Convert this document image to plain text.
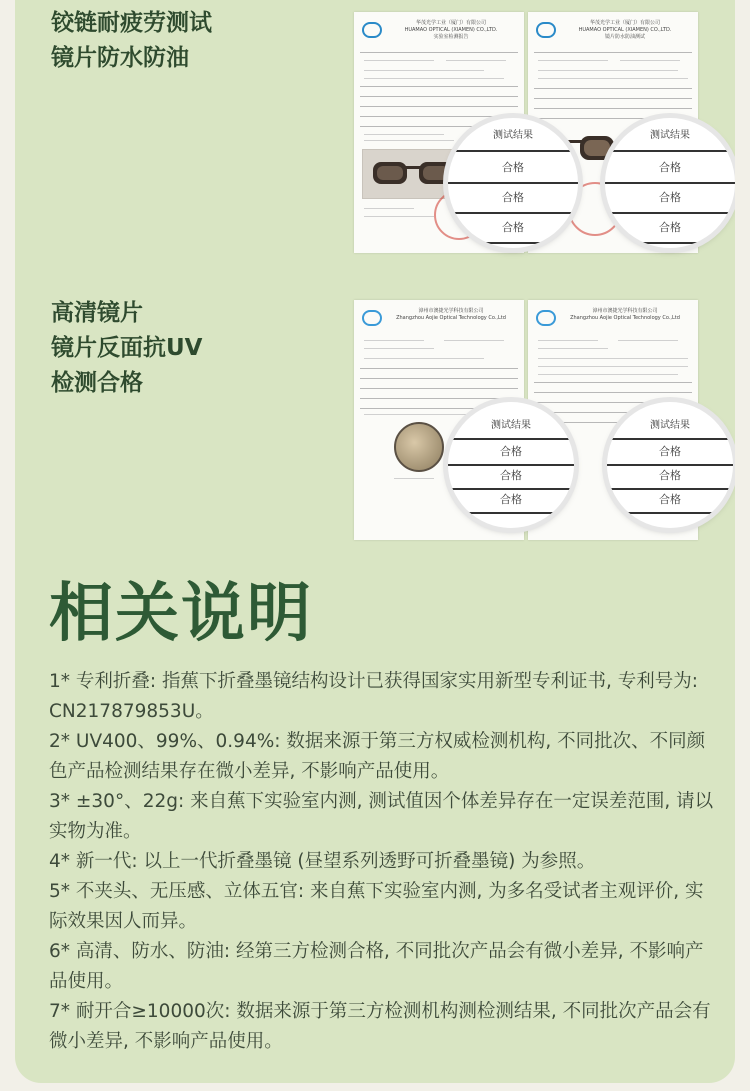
铰链耐疲劳测试
镜片防水防油
华茂光学工业（厦门）有限公司
HUAMAO OPTICAL (XIAMEN) CO.,LTD.
实验室检测报告
华茂光学工业（厦门）有限公司
HUAMAO OPTICAL (XIAMEN) CO.,LTD.
镜片防水防油测试
测试结果
合格
合格
合格
测试结果
合格
合格
合格
高清镜片
镜片反面抗UV
检测合格
漳州市澳捷光学科技有限公司
Zhangzhou Aojie Optical Technology Co.,Ltd
漳州市澳捷光学科技有限公司
Zhangzhou Aojie Optical Technology Co.,Ltd
测试结果
合格
合格
合格
测试结果
合格
合格
合格
相关说明

1* 专利折叠: 指蕉下折叠墨镜结构设计已获得国家实用新型专利证书, 专利号为: CN217879853U。

2* UV400、99%、0.94%: 数据来源于第三方权威检测机构, 不同批次、不同颜色产品检测结果存在微小差异, 不影响产品使用。

3* ±30°、22g: 来自蕉下实验室内测, 测试值因个体差异存在一定误差范围, 请以实物为准。

4* 新一代: 以上一代折叠墨镜 (昼望系列透野可折叠墨镜) 为参照。

5* 不夹头、无压感、立体五官: 来自蕉下实验室内测, 为多名受试者主观评价, 实际效果因人而异。

6* 高清、防水、防油: 经第三方检测合格, 不同批次产品会有微小差异, 不影响产品使用。

7* 耐开合≥10000次: 数据来源于第三方检测机构测检测结果, 不同批次产品会有微小差异, 不影响产品使用。
